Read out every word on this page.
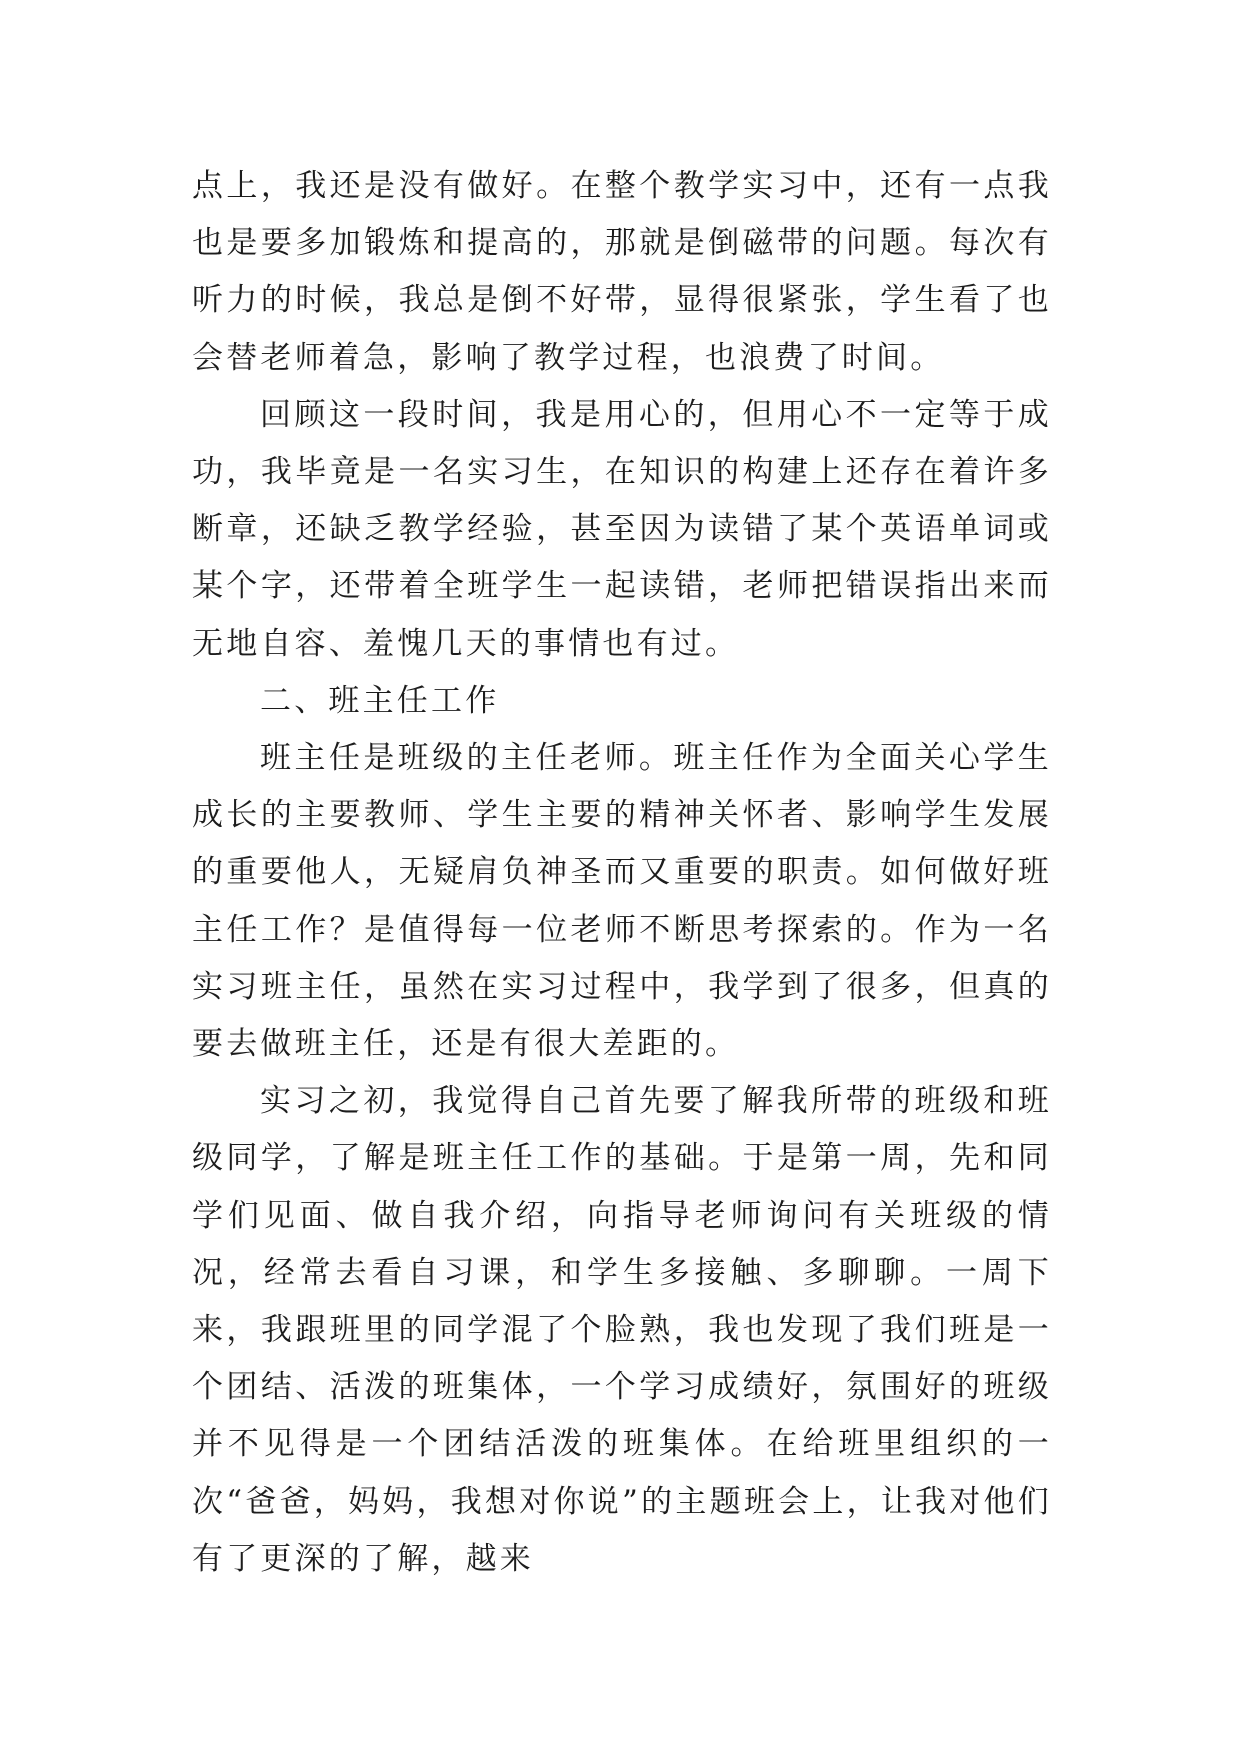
点上，我还是没有做好。在整个教学实习中，还有一点我也是要多加锻炼和提高的，那就是倒磁带的问题。每次有听力的时候，我总是倒不好带，显得很紧张，学生看了也会替老师着急，影响了教学过程，也浪费了时间。

回顾这一段时间，我是用心的，但用心不一定等于成功，我毕竟是一名实习生，在知识的构建上还存在着许多断章，还缺乏教学经验，甚至因为读错了某个英语单词或某个字，还带着全班学生一起读错，老师把错误指出来而无地自容、羞愧几天的事情也有过。

二、班主任工作

班主任是班级的主任老师。班主任作为全面关心学生成长的主要教师、学生主要的精神关怀者、影响学生发展的重要他人，无疑肩负神圣而又重要的职责。如何做好班主任工作？是值得每一位老师不断思考探索的。作为一名实习班主任，虽然在实习过程中，我学到了很多，但真的要去做班主任，还是有很大差距的。

实习之初，我觉得自己首先要了解我所带的班级和班级同学，了解是班主任工作的基础。于是第一周，先和同学们见面、做自我介绍，向指导老师询问有关班级的情况，经常去看自习课，和学生多接触、多聊聊。一周下来，我跟班里的同学混了个脸熟，我也发现了我们班是一个团结、活泼的班集体，一个学习成绩好，氛围好的班级并不见得是一个团结活泼的班集体。在给班里组织的一次“爸爸，妈妈，我想对你说”的主题班会上，让我对他们有了更深的了解，越来
